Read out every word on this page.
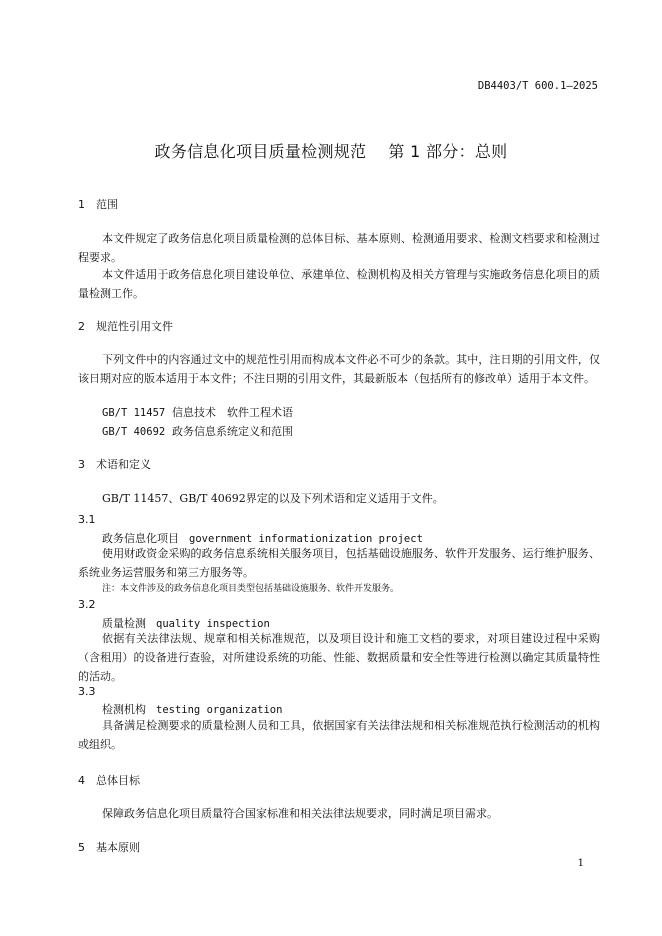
DB4403/T 600.1—2025
政务信息化项目质量检测规范 第 1 部分：总则
1 范围

本文件规定了政务信息化项目质量检测的总体目标、基本原则、检测通用要求、检测文档要求和检测过程要求。

本文件适用于政务信息化项目建设单位、承建单位、检测机构及相关方管理与实施政务信息化项目的质量检测工作。

2 规范性引用文件

下列文件中的内容通过文中的规范性引用而构成本文件必不可少的条款。其中，注日期的引用文件，仅该日期对应的版本适用于本文件；不注日期的引用文件，其最新版本（包括所有的修改单）适用于本文件。

GB/T 11457 信息技术　软件工程术语
GB/T 40692 政务信息系统定义和范围
3 术语和定义

GB/T 11457、GB/T 40692界定的以及下列术语和定义适用于文件。

3.1
政务信息化项目 government informationization project

使用财政资金采购的政务信息系统相关服务项目，包括基础设施服务、软件开发服务、运行维护服务、系统业务运营服务和第三方服务等。

注：本文件涉及的政务信息化项目类型包括基础设施服务、软件开发服务。
3.2
质量检测 quality inspection

依据有关法律法规、规章和相关标准规范，以及项目设计和施工文档的要求，对项目建设过程中采购（含租用）的设备进行查验，对所建设系统的功能、性能、数据质量和安全性等进行检测以确定其质量特性的活动。

3.3
检测机构 testing organization

具备满足检测要求的质量检测人员和工具，依据国家有关法律法规和相关标准规范执行检测活动的机构或组织。

4 总体目标

保障政务信息化项目质量符合国家标准和相关法律法规要求，同时满足项目需求。

5 基本原则
1
